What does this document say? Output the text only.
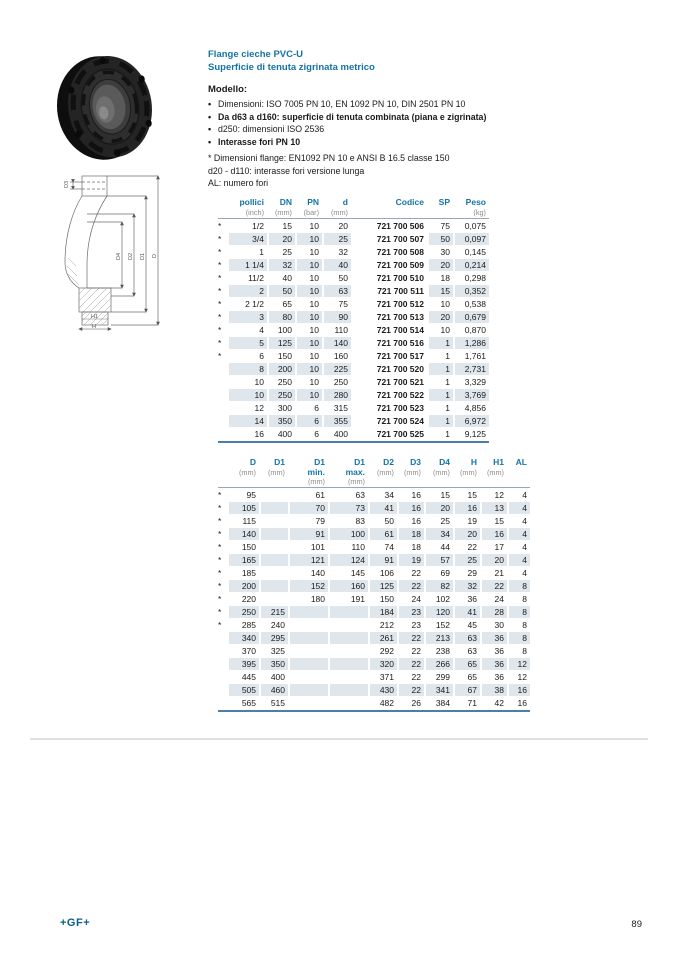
D3
D4 D2 D1 D
H1
H
Flange cieche PVC-U
Superficie di tenuta zigrinata metrico
Modello:
• Dimensioni: ISO 7005 PN 10, EN 1092 PN 10, DIN 2501 PN 10
• Da d63 a d160: superficie di tenuta combinata (piana e zigrinata)
• d250: dimensioni ISO 2536
• Interasse fori PN 10
* Dimensioni flange: EN1092 PN 10 e ANSI B 16.5 classe 150
d20 - d110: interasse fori versione lunga
AL: numero fori

pollici
(inch)

DN
(mm)

PN
(bar)

d
(mm)

Codice	SP	Peso
(kg)

*	1/2	15	10	20	721 700 506	75	0,075
*	3/4	20	10	25	721 700 507	50	0,097
*	1	25	10	32	721 700 508	30	0,145
*	1 1/4	32	10	40	721 700 509	20	0,214
*	11/2	40	10	50	721 700 510	18	0,298
*	2	50	10	63	721 700 511	15	0,352
*	2 1/2	65	10	75	721 700 512	10	0,538
*	3	80	10	90	721 700 513	20	0,679
*	4	100	10	110	721 700 514	10	0,870
*	5	125	10	140	721 700 516	1	1,286
*	6	150	10	160	721 700 517	1	1,761
	8	200	10	225	721 700 520	1	2,731
	10	250	10	250	721 700 521	1	3,329
	10	250	10	280	721 700 522	1	3,769
	12	300	6	315	721 700 523	1	4,856
	14	350	6	355	721 700 524	1	6,972
	16	400	6	400	721 700 525	1	9,125

D
(mm)

D1
(mm)

D1
min.
(mm)

D1
max.
(mm)

D2
(mm)

D3
(mm)

D4
(mm)

H
(mm)

H1
(mm)

AL

*	95		61	63	34	16	15	15	12	4
*	105		70	73	41	16	20	16	13	4
*	115		79	83	50	16	25	19	15	4
*	140		91	100	61	18	34	20	16	4
*	150		101	110	74	18	44	22	17	4
*	165		121	124	91	19	57	25	20	4
*	185		140	145	106	22	69	29	21	4
*	200		152	160	125	22	82	32	22	8
*	220		180	191	150	24	102	36	24	8
*	250	215			184	23	120	41	28	8
*	285	240			212	23	152	45	30	8
	340	295			261	22	213	63	36	8
	370	325			292	22	238	63	36	8
	395	350			320	22	266	65	36	12
	445	400			371	22	299	65	36	12
	505	460			430	22	341	67	38	16
	565	515			482	26	384	71	42	16

+GF+	89
